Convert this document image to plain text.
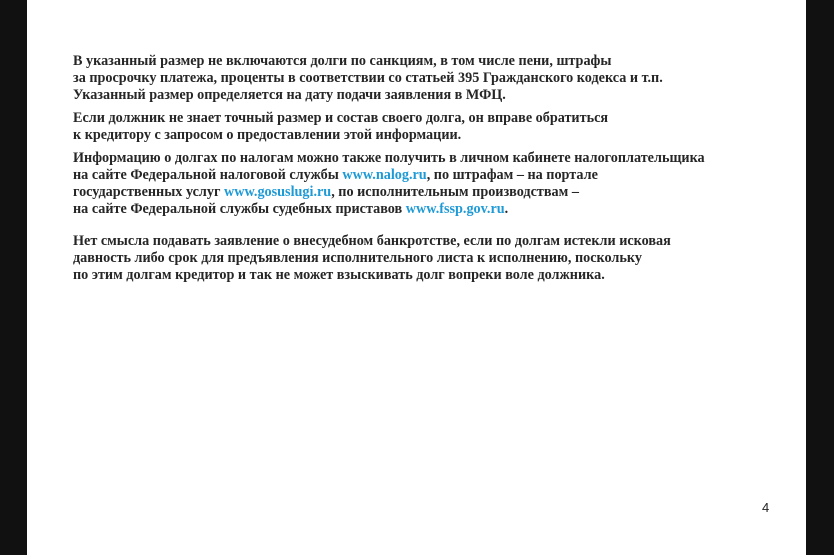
В указанный размер не включаются долги по санкциям, в том числе пени, штрафы
за просрочку платежа, проценты в соответствии со статьей 395 Гражданского кодекса и т.п.
Указанный размер определяется на дату подачи заявления в МФЦ.

Если должник не знает точный размер и состав своего долга, он вправе обратиться
к кредитору с запросом о предоставлении этой информации.

Информацию о долгах по налогам можно также получить в личном кабинете налогоплательщика
на сайте Федеральной налоговой службы www.nalog.ru, по штрафам – на портале
государственных услуг www.gosuslugi.ru, по исполнительным производствам –
на сайте Федеральной службы судебных приставов www.fssp.gov.ru.

Нет смысла подавать заявление о внесудебном банкротстве, если по долгам истекли исковая
давность либо срок для предъявления исполнительного листа к исполнению, поскольку
по этим долгам кредитор и так не может взыскивать долг вопреки воле должника.

4
